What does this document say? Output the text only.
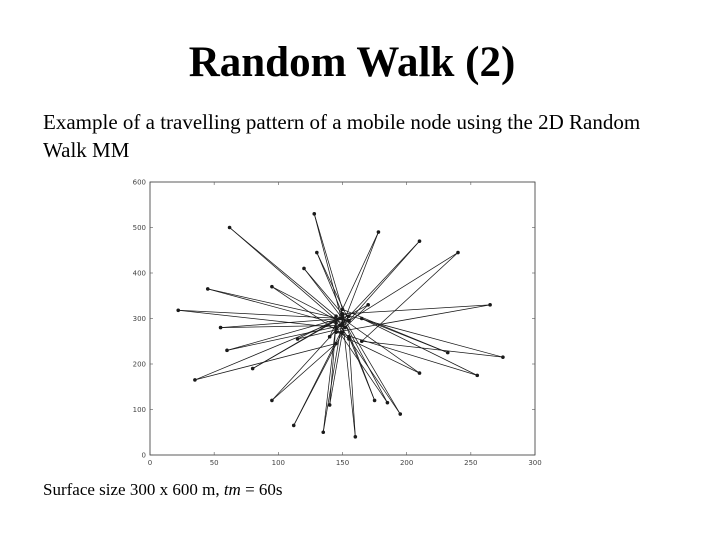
Random Walk (2)

Example of a travelling pattern of a mobile node using the 2D Random Walk MM

0	50	100	150	200	250	300
0
100
200
300
400
500
600

Surface size 300 x 600 m, tm = 60s
